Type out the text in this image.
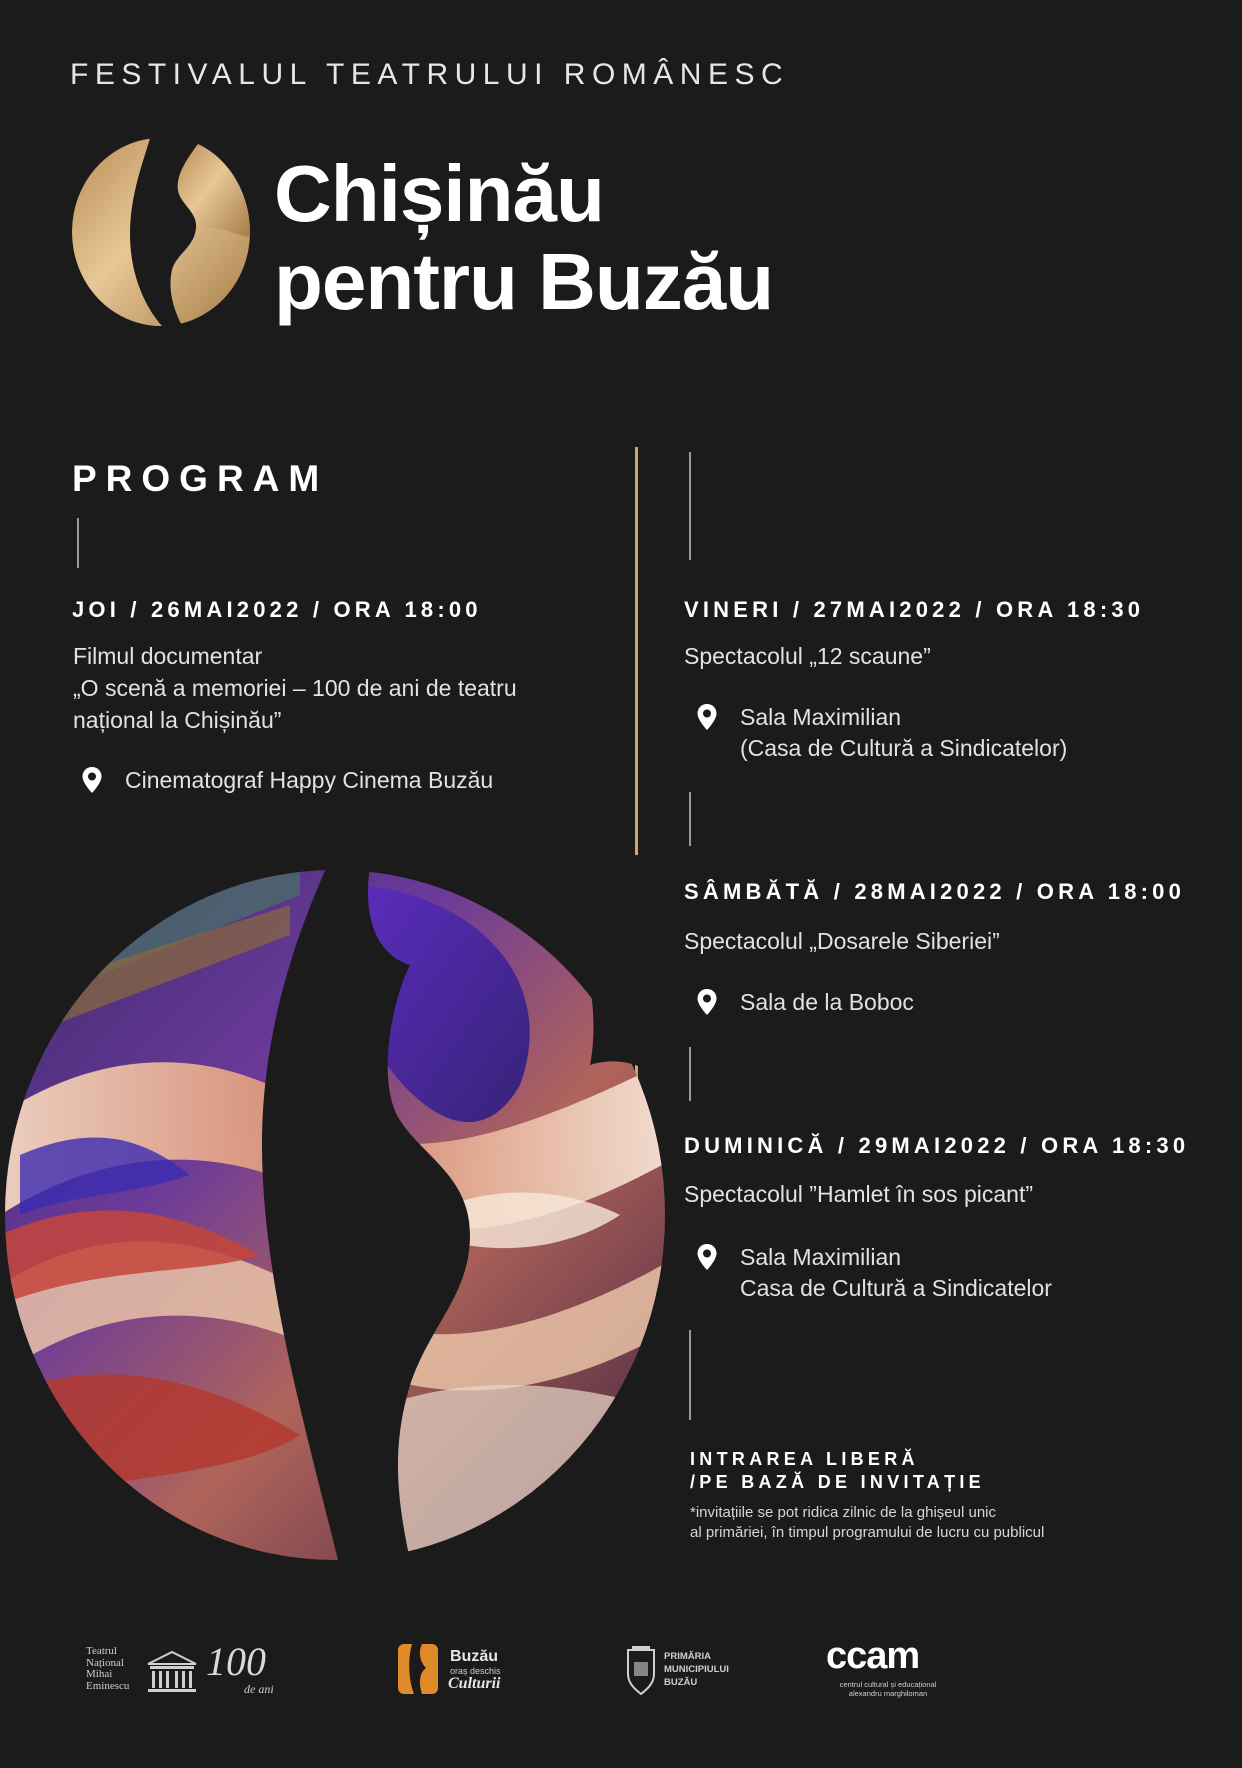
FESTIVALUL TEATRULUI ROMÂNESC
Chișinău
pentru Buzău
PROGRAM
JOI / 26MAI2022 / ORA 18:00
Filmul documentar
„O scenă a memoriei – 100 de ani de teatru
național la Chișinău”
Cinematograf Happy Cinema Buzău
VINERI / 27MAI2022 / ORA 18:30
Spectacolul „12 scaune”
Sala Maximilian
(Casa de Cultură a Sindicatelor)
SÂMBĂTĂ / 28MAI2022 / ORA 18:00
Spectacolul „Dosarele Siberiei”
Sala de la Boboc
DUMINICĂ / 29MAI2022 / ORA 18:30
Spectacolul ”Hamlet în sos picant”
Sala Maximilian
Casa de Cultură a Sindicatelor
INTRAREA LIBERĂ
/PE BAZĂ DE INVITAȚIE
*invitațiile se pot ridica zilnic de la ghișeul unic
al primăriei, în timpul programului de lucru cu publicul
Teatrul
Național
Mihai
Eminescu
100
de ani
Buzău
oraș deschis
Culturii
PRIMĂRIA
MUNICIPIULUI
BUZĂU
ccam
centrul cultural și educațional
alexandru marghiloman
